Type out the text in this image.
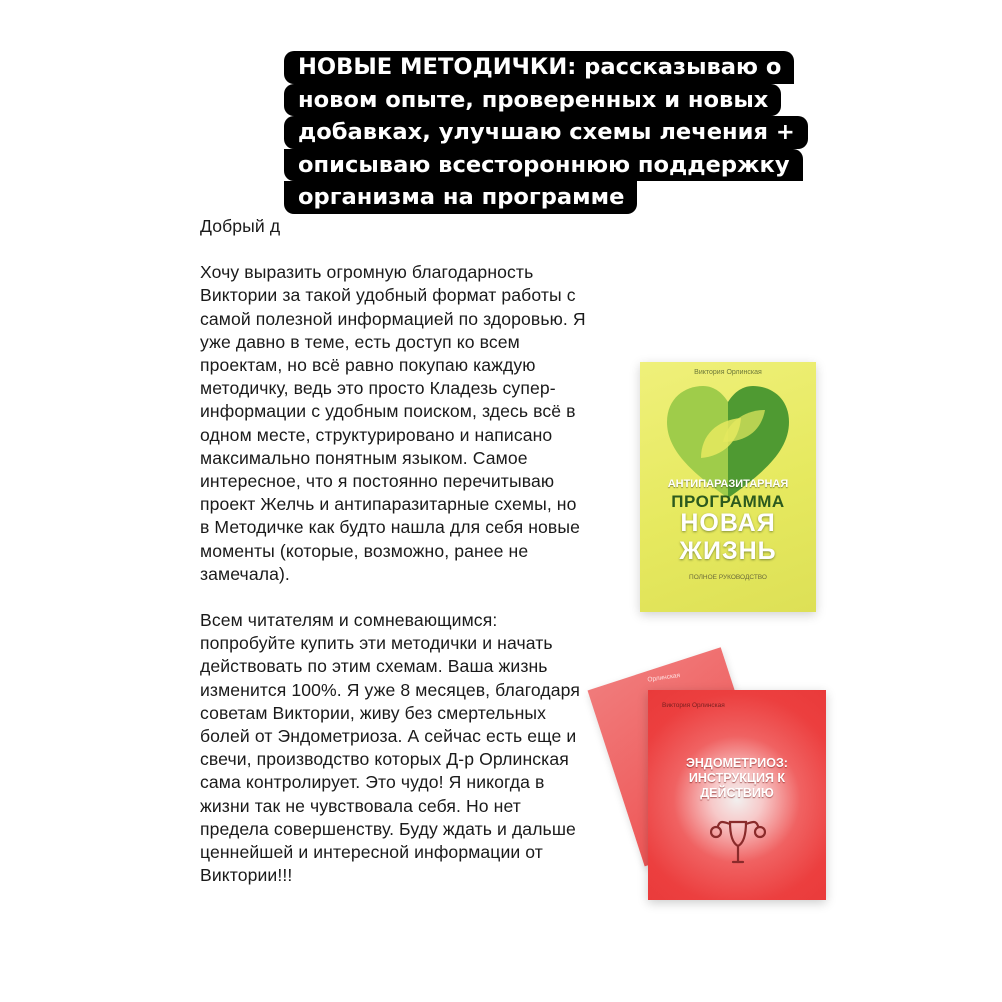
Добрый д

Хочу выразить огромную благодарность
Виктории за такой удобный формат работы с
самой полезной информацией по здоровью. Я
уже давно в теме, есть доступ ко всем
проектам, но всё равно покупаю каждую
методичку, ведь это просто Кладезь супер-
информации с удобным поиском, здесь всё в
одном месте, структурировано и написано
максимально понятным языком. Самое
интересное, что я постоянно перечитываю
проект Желчь и антипаразитарные схемы, но
в Методичке как будто нашла для себя новые
моменты (которые, возможно, ранее не
замечала).

Всем читателям и сомневающимся:
попробуйте купить эти методички и начать
действовать по этим схемам. Ваша жизнь
изменится 100%. Я уже 8 месяцев, благодаря
советам Виктории, живу без смертельных
болей от Эндометриоза. А сейчас есть еще и
свечи, производство которых Д-р Орлинская
сама контролирует. Это чудо! Я никогда в
жизни так не чувствовала себя. Но нет
предела совершенству. Буду ждать и дальше
ценнейшей и интересной информации от
Виктории!!!

НОВЫЕ МЕТОДИЧКИ: рассказываю о
новом опыте, проверенных и новых
добавках, улучшаю схемы лечения +
описываю всестороннюю поддержку
организма на программе
Виктория Орлинская
АНТИПАРАЗИТАРНАЯ
ПРОГРАММА
НОВАЯ
ЖИЗНЬ
ПОЛНОЕ РУКОВОДСТВО
Орлинская
Виктория Орлинская
ЭНДОМЕТРИОЗ:
ИНСТРУКЦИЯ К
ДЕЙСТВИЮ
